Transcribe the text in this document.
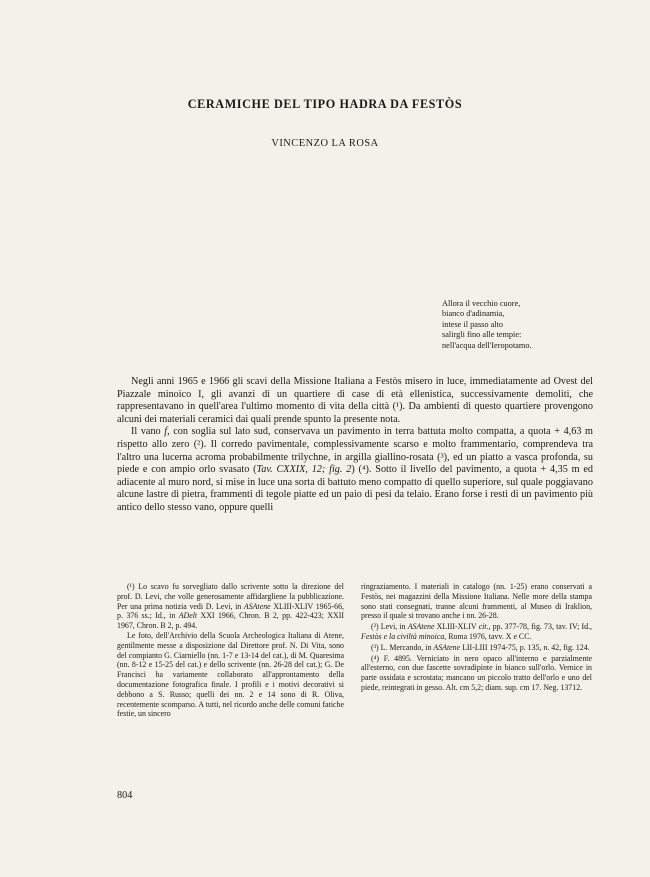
CERAMICHE DEL TIPO HADRA DA FESTÒS
VINCENZO LA ROSA
Allora il vecchio cuore,
bianco d'adinamia,
intese il passo alto
salirgli fino alle tempie:
nell'acqua dell'Ieropotamo.

Negli anni 1965 e 1966 gli scavi della Missione Italiana a Festòs misero in luce, immediatamente ad Ovest del Piazzale minoico I, gli avanzi di un quartiere di case di età ellenistica, successivamente demoliti, che rappresentavano in quell'area l'ultimo momento di vita della città (¹). Da ambienti di questo quartiere provengono alcuni dei materiali ceramici dai quali prende spunto la presente nota.

Il vano f, con soglia sul lato sud, conservava un pavimento in terra battuta molto compatta, a quota + 4,63 m rispetto allo zero (²). Il corredo pavimentale, complessivamente scarso e molto frammentario, comprendeva tra l'altro una lucerna acroma probabilmente trilychne, in argilla giallino-rosata (³), ed un piatto a vasca profonda, su piede e con ampio orlo svasato (Tav. CXXIX, 12; fig. 2) (⁴). Sotto il livello del pavimento, a quota + 4,35 m ed adiacente al muro nord, si mise in luce una sorta di battuto meno compatto di quello superiore, sul quale poggiavano alcune lastre di pietra, frammenti di tegole piatte ed un paio di pesi da telaio. Erano forse i resti di un pavimento più antico dello stesso vano, oppure quelli

(¹) Lo scavo fu sorvegliato dallo scrivente sotto la direzione del prof. D. Levi, che volle generosamente affidargliene la pubblicazione. Per una prima notizia vedi D. Levi, in ASAtene XLIII-XLIV 1965-66, p. 376 ss.; Id., in ADelt XXI 1966, Chron. B 2, pp. 422-423; XXII 1967, Chron. B 2, p. 494.

Le foto, dell'Archivio della Scuola Archeologica Italiana di Atene, gentilmente messe a disposizione dal Direttore prof. N. Di Vita, sono del compianto G. Ciarniello (nn. 1-7 e 13-14 del cat.), di M. Quaresima (nn. 8-12 e 15-25 del cat.) e dello scrivente (nn. 26-28 del cat.); G. De Francisci ha variamente collaborato all'approntamento della documentazione fotografica finale. I profili e i motivi decorativi si debbono a S. Russo; quelli dei nn. 2 e 14 sono di R. Oliva, recentemente scomparso. A tutti, nel ricordo anche delle comuni fatiche festie, un sincero

ringraziamento. I materiali in catalogo (nn. 1-25) erano conservati a Festòs, nei magazzini della Missione Italiana. Nelle more della stampa sono stati consegnati, tranne alcuni frammenti, al Museo di Iraklion, presso il quale si trovano anche i nn. 26-28.

(²) Levi, in ASAtene XLIII-XLIV cit., pp. 377-78, fig. 73, tav. IV; Id., Festòs e la civiltà minoica, Roma 1976, tavv. X e CC.

(³) L. Mercando, in ASAtene LII-LIII 1974-75, p. 135, n. 42, fig. 124.

(⁴) F. 4895. Verniciato in nero opaco all'interno e parzialmente all'esterno, con due fascette sovradipinte in bianco sull'orlo. Vernice in parte ossidata e scrostata; mancano un piccolo tratto dell'orlo e uno del piede, reintegrati in gesso. Alt. cm 5,2; diam. sup. cm 17. Neg. 13712.

804
